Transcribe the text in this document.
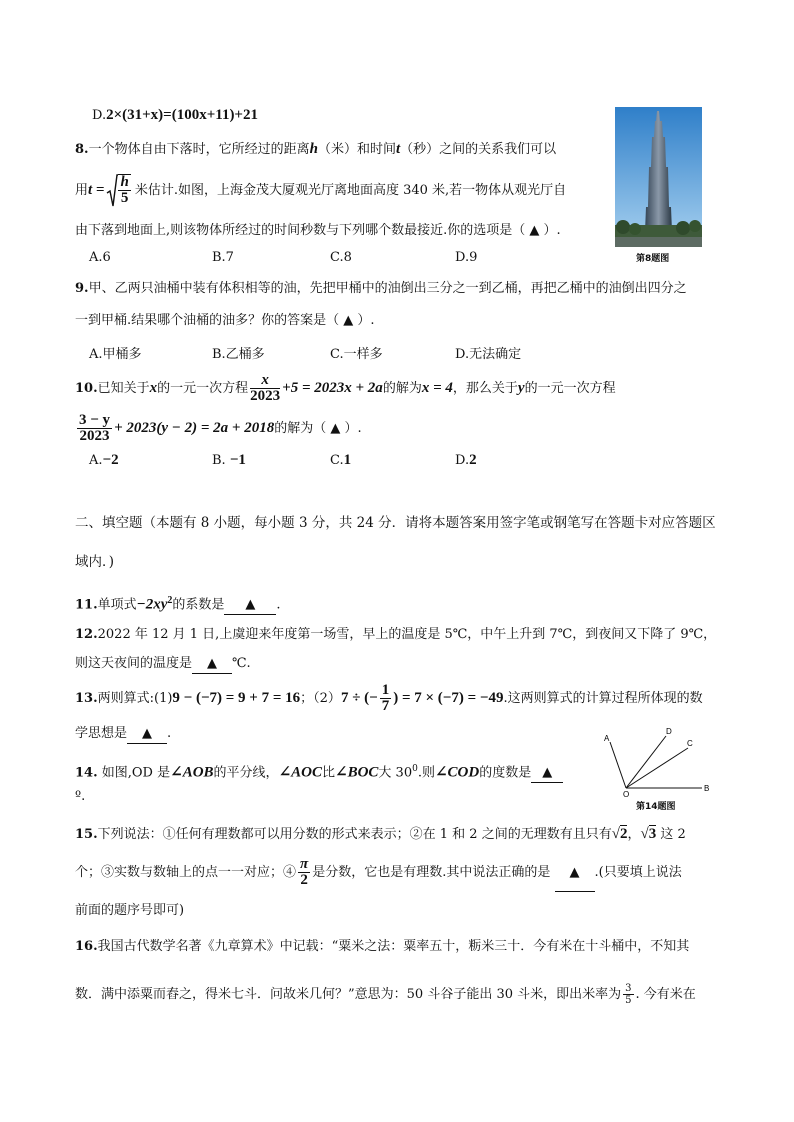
D.2×(31+x)=(100x+11)+21
8.一个物体自由下落时，它所经过的距离h（米）和时间t（秒）之间的关系我们可以
用$t = \frac{h}{5}$ 米估计.如图，上海金茂大厦观光厅离地面高度 340 米,若一物体从观光厅自
由下落到地面上,则该物体所经过的时间秒数与下列哪个数最接近.你的选项是（ ▲ ）.
A.6	B.7	C.8	D.9	第8题图
9.甲、乙两只油桶中装有体积相等的油，先把甲桶中的油倒出三分之一到乙桶，再把乙桶中的油倒出四分之
一到甲桶.结果哪个油桶的油多？你的答案是（ ▲ ）.
A.甲桶多	B.乙桶多	C.一样多	D.无法确定
10.已知关于x的一元一次方程 $\frac{x}{2023} +5 = 2023x + 2a$的解为x = 4，那么关于y的一元一次方程
$\frac{3 - y}{2023} + 2023(y - 2) = 2a + 2018$的解为（ ▲ ）.
A.−2	B. −1	C.1	D.2
二、填空题（本题有 8 小题，每小题 3 分，共 24 分．请将本题答案用签字笔或钢笔写在答题卡对应答题区
域内．)
11.单项式$-2xy^2$的系数是 ▲ .
12.2022 年 12 月 1 日,上虞迎来年度第一场雪，早上的温度是 5℃，中午上升到 7℃，到夜间又下降了 9℃，
则这天夜间的温度是 ▲ ℃.
13.两则算式:(1)9 − (−7) = 9 + 7 = 16；（2）7 ÷ (− $\frac{1}{7}$ ) = 7 × (−7) = −49.这两则算式的计算过程所体现的数
学思想是 ▲ .
14. 如图,OD 是∠AOB的平分线，∠AOC比∠BOC大 $30^0$.则∠COD的度数是 ▲
º.
A
D
C
O
B
第14题图
15.下列说法：①任何有理数都可以用分数的形式来表示；②在 1 和 2 之间的无理数有且只有√2，√3 这 2
个；③实数与数轴上的点一一对应；④ $\frac{\pi}{2}$ 是分数，它也是有理数.其中说法正确的是 ▲ .(只要填上说法
前面的题序号即可)
16.我国古代数学名著《九章算术》中记载：“粟米之法：粟率五十，粝米三十．今有米在十斗桶中，不知其
数．满中添粟而舂之，得米七斗．问故米几何？”意思为：50 斗谷子能出 30 斗米，即出米率为 $\frac{3}{5}$ . 今有米在
